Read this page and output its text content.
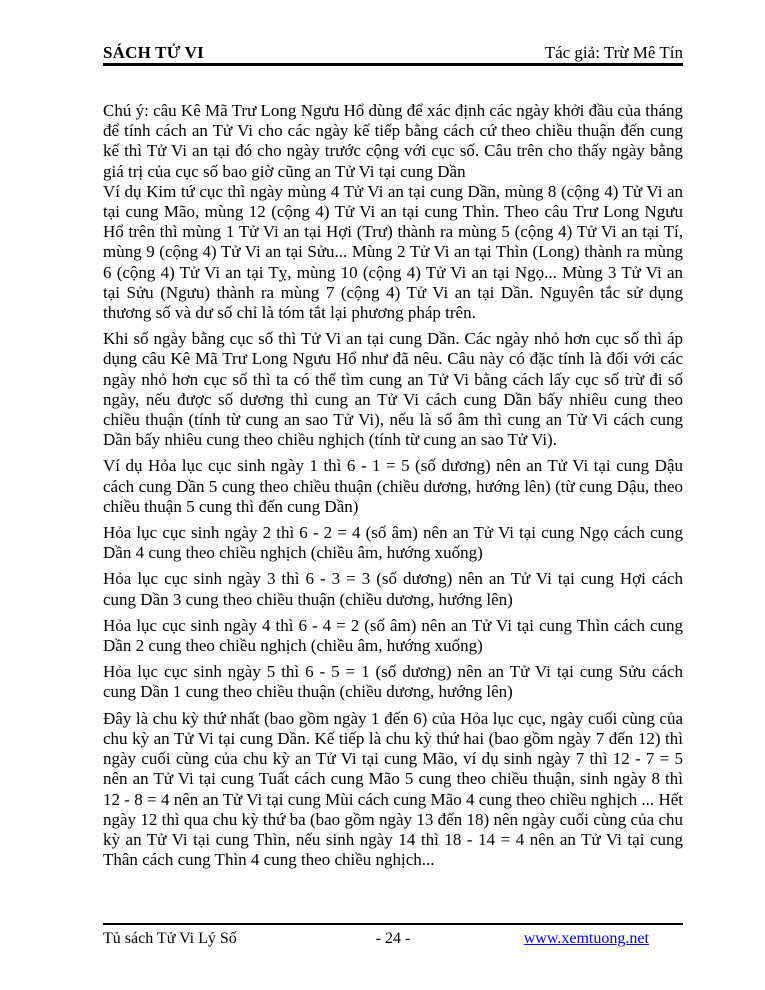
SÁCH TỬ VI	Tác giả: Trừ Mê Tín

Chú ý: câu Kê Mã Trư Long Ngưu Hổ dùng để xác định các ngày khởi đầu của tháng để tính cách an Tử Vi cho các ngày kế tiếp bằng cách cứ theo chiều thuận đến cung kế thì Tử Vi an tại đó cho ngày trước cộng với cục số. Câu trên cho thấy ngày bằng giá trị của cục số bao giờ cũng an Tử Vi tại cung Dần

Ví dụ Kim tứ cục thì ngày mùng 4 Tử Vi an tại cung Dần, mùng 8 (cộng 4) Tử Vi an tại cung Mão, mùng 12 (cộng 4) Tử Vi an tại cung Thìn. Theo câu Trư Long Ngưu Hổ trên thì mùng 1 Tử Vi an tại Hợi (Trư) thành ra mùng 5 (cộng 4) Tử Vi an tại Tí, mùng 9 (cộng 4) Tử Vi an tại Sửu... Mùng 2 Tử Vi an tại Thìn (Long) thành ra mùng 6 (cộng 4) Tử Vi an tại Tỵ, mùng 10 (cộng 4) Tử Vi an tại Ngọ... Mùng 3 Tử Vi an tại Sửu (Ngưu) thành ra mùng 7 (cộng 4) Tử Vi an tại Dần. Nguyên tắc sử dụng thương số và dư số chỉ là tóm tắt lại phương pháp trên.

Khi số ngày bằng cục số thì Tử Vi an tại cung Dần. Các ngày nhỏ hơn cục số thì áp dụng câu Kê Mã Trư Long Ngưu Hổ như đã nêu. Câu này có đặc tính là đối với các ngày nhỏ hơn cục số thì ta có thể tìm cung an Tử Vi bằng cách lấy cục số trừ đi số ngày, nếu được số dương thì cung an Tử Vi cách cung Dần bấy nhiêu cung theo chiều thuận (tính từ cung an sao Tử Vi), nếu là số âm thì cung an Tử Vi cách cung Dần bấy nhiêu cung theo chiều nghịch (tính từ cung an sao Tử Vi).

Ví dụ Hỏa lục cục sinh ngày 1 thì 6 - 1 = 5 (số dương) nên an Tử Vi tại cung Dậu cách cung Dần 5 cung theo chiều thuận (chiều dương, hướng lên) (từ cung Dậu, theo chiều thuận 5 cung thì đến cung Dần)

Hỏa lục cục sinh ngày 2 thì 6 - 2 = 4 (số âm) nên an Tử Vi tại cung Ngọ cách cung Dần 4 cung theo chiều nghịch (chiều âm, hướng xuống)

Hỏa lục cục sinh ngày 3 thì 6 - 3 = 3 (số dương) nên an Tử Vi tại cung Hợi cách cung Dần 3 cung theo chiều thuận (chiều dương, hướng lên)

Hỏa lục cục sinh ngày 4 thì 6 - 4 = 2 (số âm) nên an Tử Vi tại cung Thìn cách cung Dần 2 cung theo chiều nghịch (chiều âm, hướng xuống)

Hỏa lục cục sinh ngày 5 thì 6 - 5 = 1 (số dương) nên an Tử Vi tại cung Sửu cách cung Dần 1 cung theo chiều thuận (chiều dương, hướng lên)

Đây là chu kỳ thứ nhất (bao gồm ngày 1 đến 6) của Hỏa lục cục, ngày cuối cùng của chu kỳ an Tử Vi tại cung Dần. Kế tiếp là chu kỳ thứ hai (bao gồm ngày 7 đến 12) thì ngày cuối cùng của chu kỳ an Tử Vi tại cung Mão, ví dụ sinh ngày 7 thì 12 - 7 = 5 nên an Tử Vi tại cung Tuất cách cung Mão 5 cung theo chiều thuận, sinh ngày 8 thì 12 - 8 = 4 nên an Tử Vi tại cung Mùi cách cung Mão 4 cung theo chiều nghịch ... Hết ngày 12 thì qua chu kỳ thứ ba (bao gồm ngày 13 đến 18) nên ngày cuối cùng của chu kỳ an Tử Vi tại cung Thìn, nếu sinh ngày 14 thì 18 - 14 = 4 nên an Tử Vi tại cung Thân cách cung Thìn 4 cung theo chiều nghịch...

Tủ sách Tử Vi Lý Số	- 24 -	www.xemtuong.net
